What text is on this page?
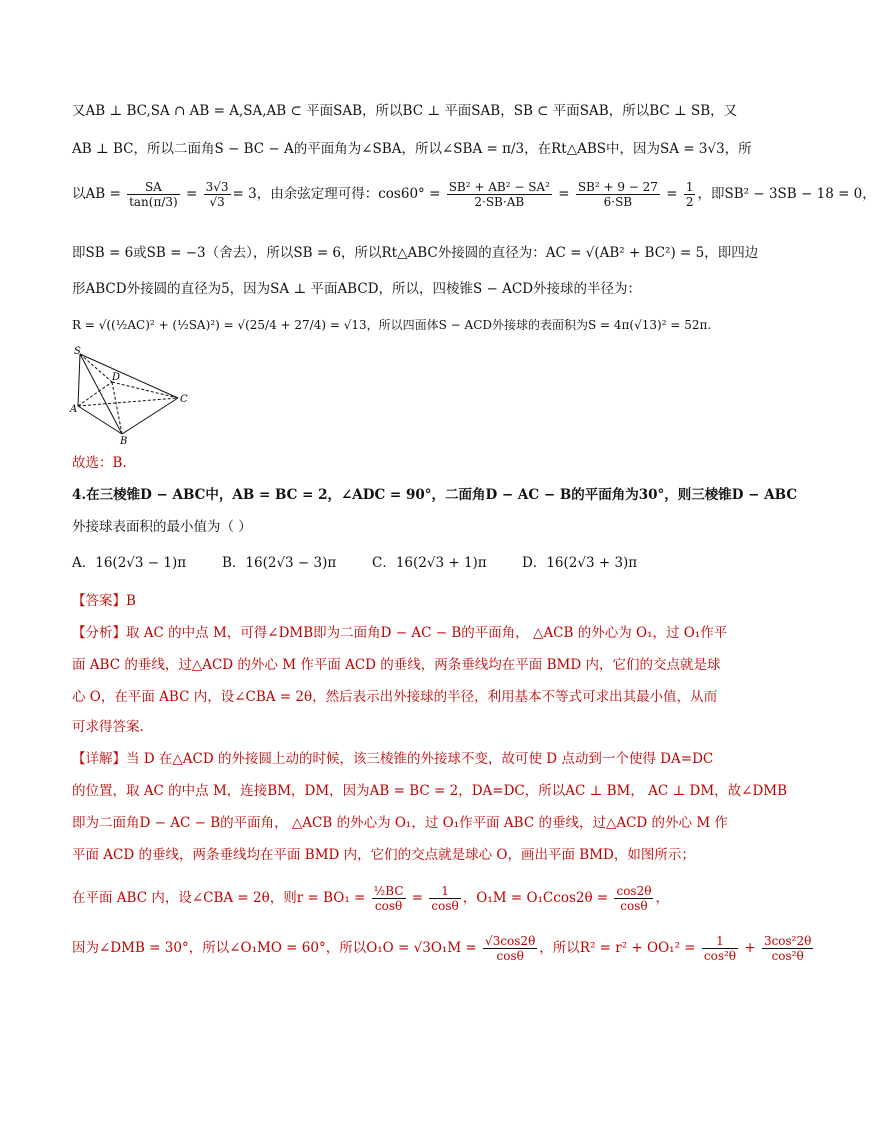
又AB ⊥ BC,SA ∩ AB = A,SA,AB ⊂ 平面SAB，所以BC ⊥ 平面SAB，SB ⊂ 平面SAB，所以BC ⊥ SB，又
AB ⊥ BC，所以二面角S − BC − A的平面角为∠SBA，所以∠SBA = π/3，在Rt△ABS中，因为SA = 3√3，所
以AB = $\frac{SA}{\tan(\pi/3)} = \frac{3√3}{√3} = 3$，由余弦定理可得：$\cos 60^\circ = \frac{\text{SB² + AB² − SA²}}{2\cdot SB\cdot AB} = \frac{\text{SB² + 9 − 27}}{6\cdot SB} = \frac{1}{2}$ ，即SB² − 3SB − 18 = 0，
即SB = 6或SB = −3（舍去），所以SB = 6，所以Rt△ABC外接圆的直径为：AC = √(AB² + BC²) = 5，即四边
形ABCD外接圆的直径为5，因为SA ⊥ 平面ABCD，所以，四棱锥S − ACD外接球的半径为：
R = √((½AC)² + (½SA)²) = √(25/4 + 27/4) = √13，所以四面体S − ACD外接球的表面积为S = 4π(√13)² = 52π.
S
D
A
C
B
故选：B.
4.在三棱锥D − ABC中，AB = BC = 2，∠ADC = 90°，二面角D − AC − B的平面角为30°，则三棱锥D − ABC
外接球表面积的最小值为（ ）
A．16(2√3 − 1)π	B．16(2√3 − 3)π	C．16(2√3 + 1)π	D．16(2√3 + 3)π
【答案】B
【分析】取 AC 的中点 M，可得∠DMB即为二面角D − AC − B的平面角， △ACB 的外心为 O₁，过 O₁作平
面 ABC 的垂线，过△ACD 的外心 M 作平面 ACD 的垂线，两条垂线均在平面 BMD 内，它们的交点就是球
心 O，在平面 ABC 内，设∠CBA = 2θ，然后表示出外接球的半径，利用基本不等式可求出其最小值，从而
可求得答案.
【详解】当 D 在△ACD 的外接圆上动的时候，该三棱锥的外接球不变，故可使 D 点动到一个使得 DA=DC
的位置，取 AC 的中点 M，连接BM，DM，因为AB = BC = 2，DA=DC，所以AC ⊥ BM， AC ⊥ DM，故∠DMB
即为二面角D − AC − B的平面角， △ACB 的外心为 O₁，过 O₁作平面 ABC 的垂线，过△ACD 的外心 M 作
平面 ACD 的垂线，两条垂线均在平面 BMD 内，它们的交点就是球心 O，画出平面 BMD，如图所示；
在平面 ABC 内，设∠CBA = 2θ，则$r = BO_1 = \frac{\text{½BC}}{\cos\theta} = \frac{1}{\cos\theta}$ ，$O_1M = O_1Ccos2\theta = \frac{\cos 2\theta}{\cos\theta}$ ，
因为∠DMB = 30°，所以∠O₁MO = 60°，所以$O_1O = √3O_1M = \frac{√3\cos 2\theta}{\cos\theta}$ ，所以$R^2 = r^2 + OO_1^2 = \frac{1}{\text{cos²θ}} + \frac{\text{3cos²2θ}}{\text{cos²θ}}$
